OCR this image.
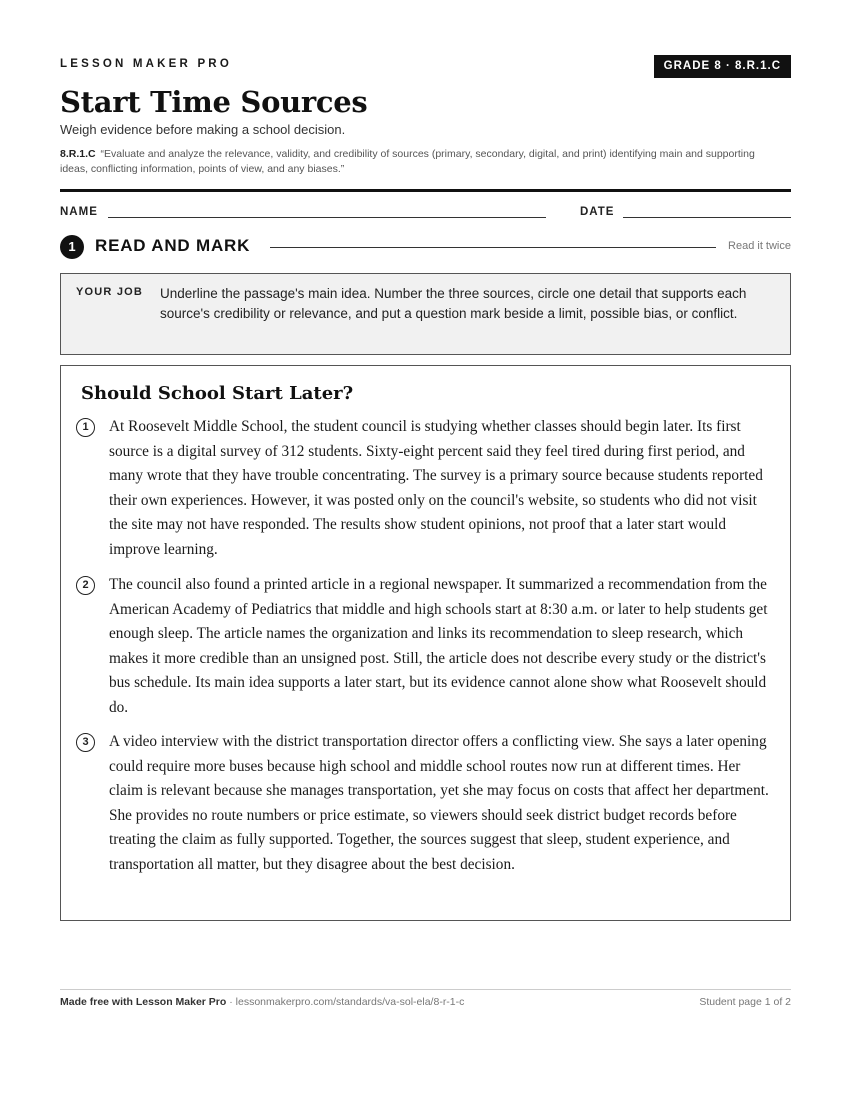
LESSON MAKER PRO	GRADE 8 · 8.R.1.C
Start Time Sources
Weigh evidence before making a school decision.
8.R.1.C “Evaluate and analyze the relevance, validity, and credibility of sources (primary, secondary, digital, and print) identifying main and supporting ideas, conflicting information, points of view, and any biases.”
NAME	DATE
1	READ AND MARK	Read it twice
YOUR JOB Underline the passage's main idea. Number the three sources, circle one detail that supports each source's credibility or relevance, and put a question mark beside a limit, possible bias, or conflict.
Should School Start Later?
1	At Roosevelt Middle School, the student council is studying whether classes should begin later. Its first source is a digital survey of 312 students. Sixty-eight percent said they feel tired during first period, and many wrote that they have trouble concentrating. The survey is a primary source because students reported their own experiences. However, it was posted only on the council's website, so students who did not visit the site may not have responded. The results show student opinions, not proof that a later start would improve learning.

2	The council also found a printed article in a regional newspaper. It summarized a recommendation from the American Academy of Pediatrics that middle and high schools start at 8:30 a.m. or later to help students get enough sleep. The article names the organization and links its recommendation to sleep research, which makes it more credible than an unsigned post. Still, the article does not describe every study or the district's bus schedule. Its main idea supports a later start, but its evidence cannot alone show what Roosevelt should do.

3	A video interview with the district transportation director offers a conflicting view. She says a later opening could require more buses because high school and middle school routes now run at different times. Her claim is relevant because she manages transportation, yet she may focus on costs that affect her department. She provides no route numbers or price estimate, so viewers should seek district budget records before treating the claim as fully supported. Together, the sources suggest that sleep, student experience, and transportation all matter, but they disagree about the best decision.

Made free with Lesson Maker Pro · lessonmakerpro.com/standards/va-sol-ela/8-r-1-c	Student page 1 of 2
